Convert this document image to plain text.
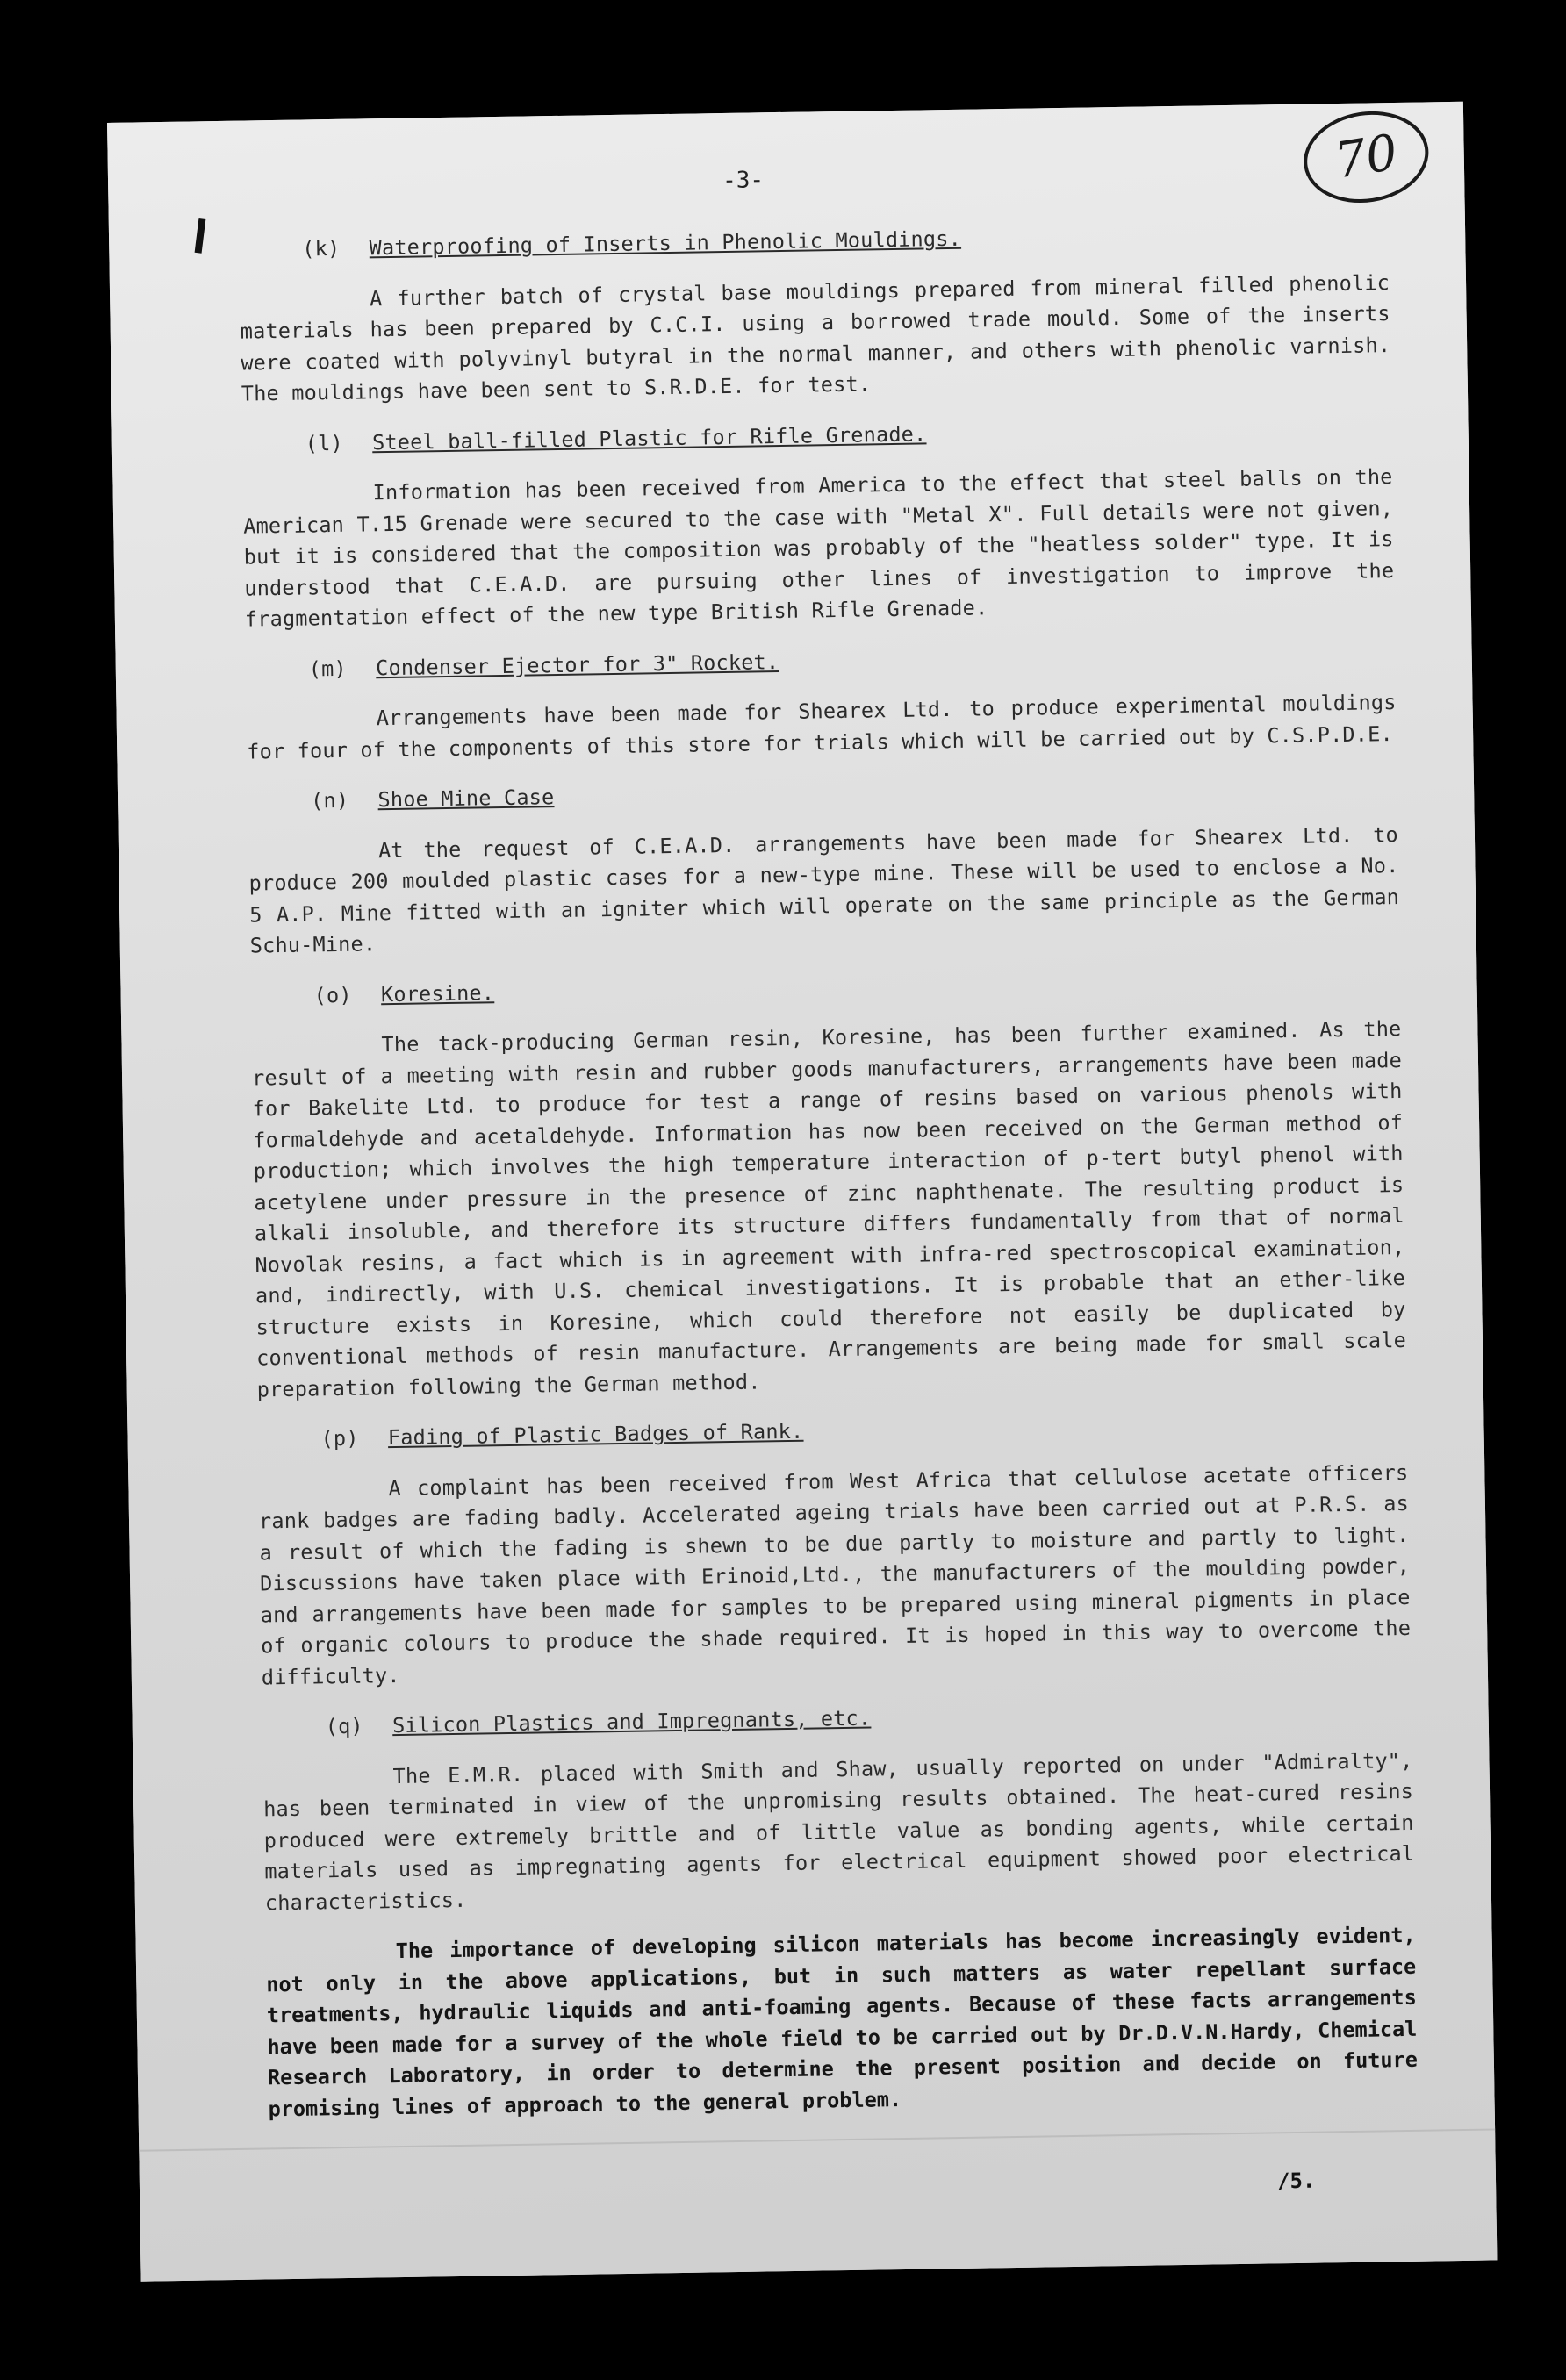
70
-3-
(k) Waterproofing of Inserts in Phenolic Mouldings.

A further batch of crystal base mouldings prepared from mineral filled phenolic materials has been prepared by C.C.I. using a borrowed trade mould. Some of the inserts were coated with polyvinyl butyral in the normal manner, and others with phenolic varnish. The mouldings have been sent to S.R.D.E. for test.

(l) Steel ball-filled Plastic for Rifle Grenade.

Information has been received from America to the effect that steel balls on the American T.15 Grenade were secured to the case with "Metal X". Full details were not given, but it is considered that the composition was probably of the "heatless solder" type. It is understood that C.E.A.D. are pursuing other lines of investigation to improve the fragmentation effect of the new type British Rifle Grenade.

(m) Condenser Ejector for 3" Rocket.

Arrangements have been made for Shearex Ltd. to produce experimental mouldings for four of the components of this store for trials which will be carried out by C.S.P.D.E.

(n) Shoe Mine Case

At the request of C.E.A.D. arrangements have been made for Shearex Ltd. to produce 200 moulded plastic cases for a new-type mine. These will be used to enclose a No. 5 A.P. Mine fitted with an igniter which will operate on the same principle as the German Schu-Mine.

(o) Koresine.

The tack-producing German resin, Koresine, has been further examined. As the result of a meeting with resin and rubber goods manufacturers, arrangements have been made for Bakelite Ltd. to produce for test a range of resins based on various phenols with formaldehyde and acetaldehyde. Information has now been received on the German method of production; which involves the high temperature interaction of p-tert butyl phenol with acetylene under pressure in the presence of zinc naphthenate. The resulting product is alkali insoluble, and therefore its structure differs fundamentally from that of normal Novolak resins, a fact which is in agreement with infra-red spectroscopical examination, and, indirectly, with U.S. chemical investigations. It is probable that an ether-like structure exists in Koresine, which could therefore not easily be duplicated by conventional methods of resin manufacture. Arrangements are being made for small scale preparation following the German method.

(p) Fading of Plastic Badges of Rank.

A complaint has been received from West Africa that cellulose acetate officers rank badges are fading badly. Accelerated ageing trials have been carried out at P.R.S. as a result of which the fading is shewn to be due partly to moisture and partly to light. Discussions have taken place with Erinoid,Ltd., the manufacturers of the moulding powder, and arrangements have been made for samples to be prepared using mineral pigments in place of organic colours to produce the shade required. It is hoped in this way to overcome the difficulty.

(q) Silicon Plastics and Impregnants, etc.

The E.M.R. placed with Smith and Shaw, usually reported on under "Admiralty", has been terminated in view of the unpromising results obtained. The heat-cured resins produced were extremely brittle and of little value as bonding agents, while certain materials used as impregnating agents for electrical equipment showed poor electrical characteristics.

The importance of developing silicon materials has become increasingly evident, not only in the above applications, but in such matters as water repellant surface treatments, hydraulic liquids and anti-foaming agents. Because of these facts arrangements have been made for a survey of the whole field to be carried out by Dr.D.V.N.Hardy, Chemical Research Laboratory, in order to determine the present position and decide on future promising lines of approach to the general problem.

/5.
